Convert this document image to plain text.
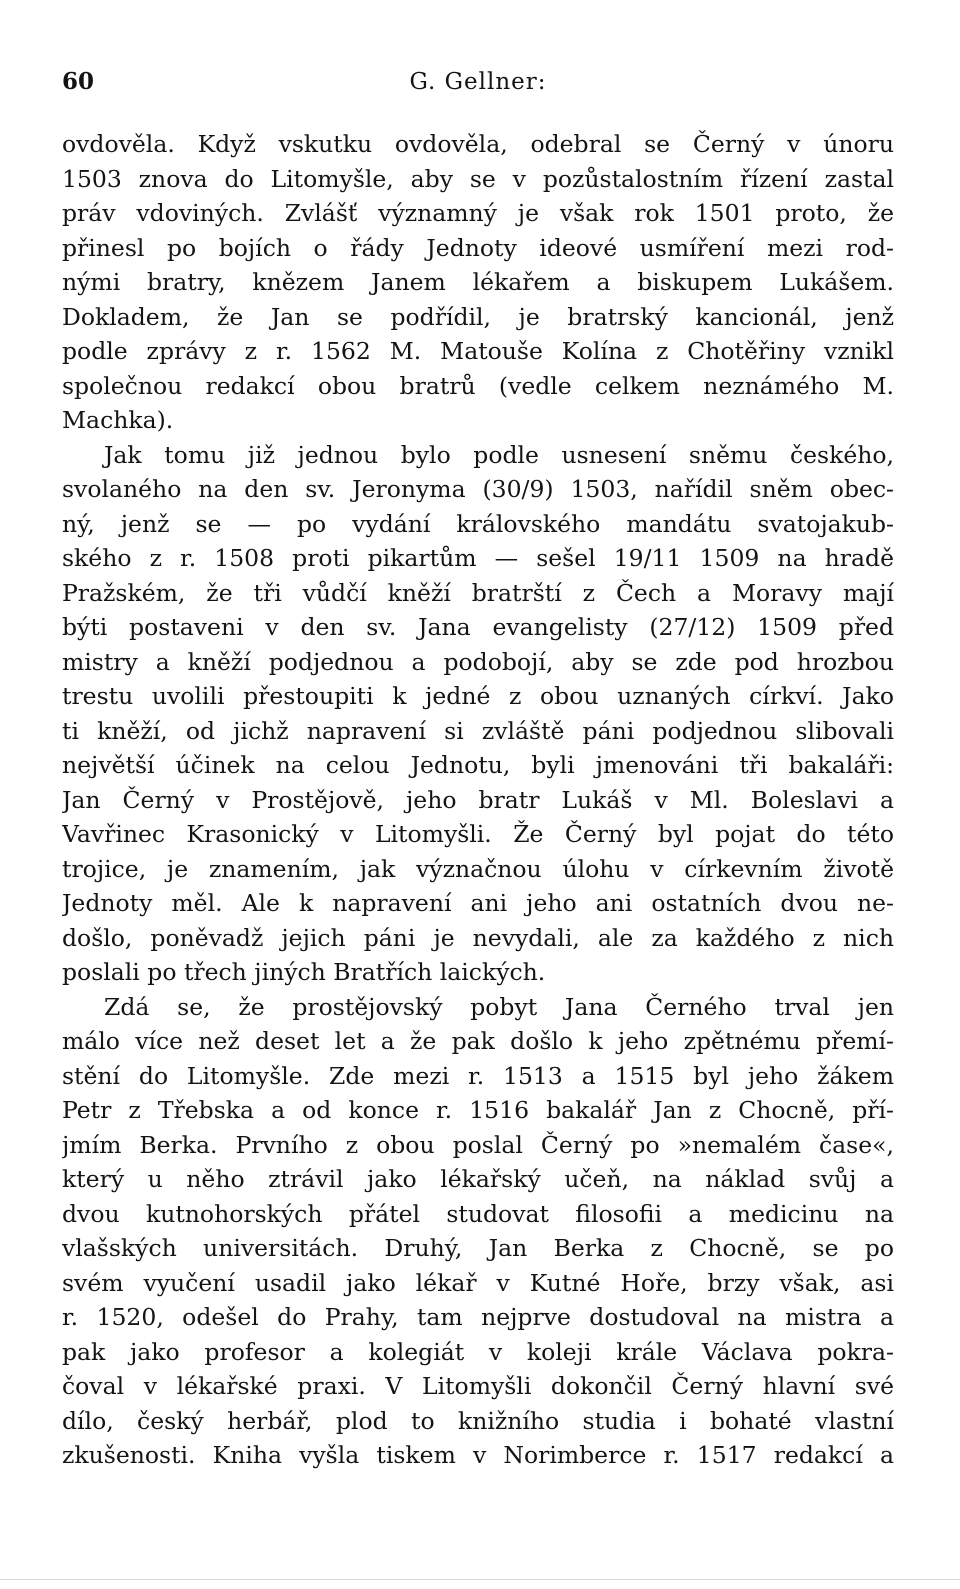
60	G. Gellner:
ovdověla. Když vskutku ovdověla, odebral se Černý v únoru
1503 znova do Litomyšle, aby se v pozůstalostním řízení zastal
práv vdoviných. Zvlášť významný je však rok 1501 proto, že
přinesl po bojích o řády Jednoty ideové usmíření mezi rod-
nými bratry, knězem Janem lékařem a biskupem Lukášem.
Dokladem, že Jan se podřídil, je bratrský kancionál, jenž
podle zprávy z r. 1562 M. Matouše Kolína z Chotěřiny vznikl
společnou redakcí obou bratrů (vedle celkem neznámého M.
Machka).
Jak tomu již jednou bylo podle usnesení sněmu českého,
svolaného na den sv. Jeronyma (30/9) 1503, nařídil sněm obec-
ný, jenž se — po vydání královského mandátu svatojakub-
ského z r. 1508 proti pikartům — sešel 19/11 1509 na hradě
Pražském, že tři vůdčí kněží bratrští z Čech a Moravy mají
býti postaveni v den sv. Jana evangelisty (27/12) 1509 před
mistry a kněží podjednou a podobojí, aby se zde pod hrozbou
trestu uvolili přestoupiti k jedné z obou uznaných církví. Jako
ti kněží, od jichž napravení si zvláště páni podjednou slibovali
největší účinek na celou Jednotu, byli jmenováni tři bakaláři:
Jan Černý v Prostějově, jeho bratr Lukáš v Ml. Boleslavi a
Vavřinec Krasonický v Litomyšli. Že Černý byl pojat do této
trojice, je znamením, jak význačnou úlohu v církevním životě
Jednoty měl. Ale k napravení ani jeho ani ostatních dvou ne-
došlo, poněvadž jejich páni je nevydali, ale za každého z nich
poslali po třech jiných Bratřích laických.
Zdá se, že prostějovský pobyt Jana Černého trval jen
málo více než deset let a že pak došlo k jeho zpětnému přemí-
stění do Litomyšle. Zde mezi r. 1513 a 1515 byl jeho žákem
Petr z Třebska a od konce r. 1516 bakalář Jan z Chocně, pří-
jmím Berka. Prvního z obou poslal Černý po »nemalém čase«,
který u něho ztrávil jako lékařský učeň, na náklad svůj a
dvou kutnohorských přátel studovat filosofii a medicinu na
vlašských universitách. Druhý, Jan Berka z Chocně, se po
svém vyučení usadil jako lékař v Kutné Hoře, brzy však, asi
r. 1520, odešel do Prahy, tam nejprve dostudoval na mistra a
pak jako profesor a kolegiát v koleji krále Václava pokra-
čoval v lékařské praxi. V Litomyšli dokončil Černý hlavní své
dílo, český herbář, plod to knižního studia i bohaté vlastní
zkušenosti. Kniha vyšla tiskem v Norimberce r. 1517 redakcí a
